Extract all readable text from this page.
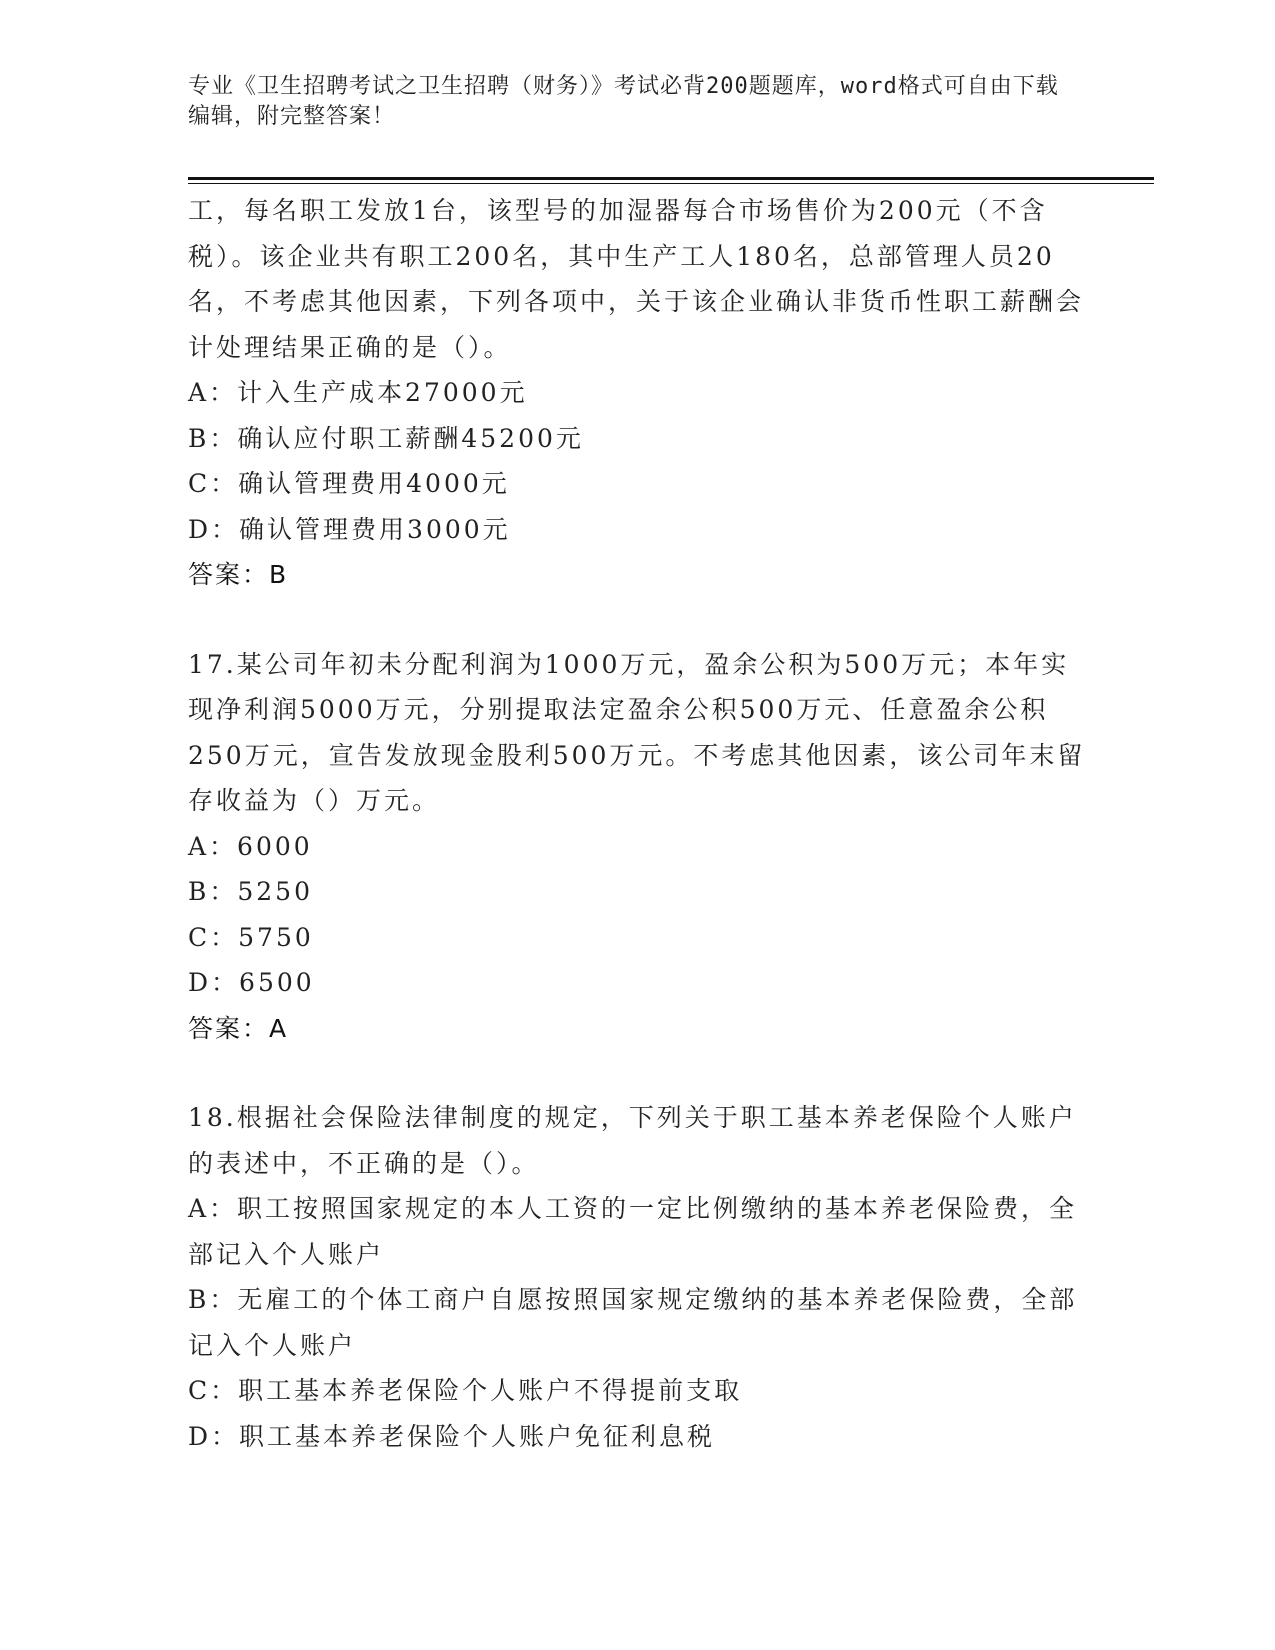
专业《卫生招聘考试之卫生招聘（财务）》考试必背200题题库，word格式可自由下载编辑，附完整答案！

工，每名职工发放1台，该型号的加湿器每合市场售价为200元（不含税）。该企业共有职工200名，其中生产工人180名，总部管理人员20名，不考虑其他因素，下列各项中，关于该企业确认非货币性职工薪酬会计处理结果正确的是（）。

A：计入生产成本27000元

B：确认应付职工薪酬45200元

C：确认管理费用4000元

D：确认管理费用3000元

答案：B

17.某公司年初未分配利润为1000万元，盈余公积为500万元；本年实现净利润5000万元，分别提取法定盈余公积500万元、任意盈余公积250万元，宣告发放现金股利500万元。不考虑其他因素，该公司年末留存收益为（）万元。

A：6000

B：5250

C：5750

D：6500

答案：A

18.根据社会保险法律制度的规定，下列关于职工基本养老保险个人账户的表述中，不正确的是（）。

A：职工按照国家规定的本人工资的一定比例缴纳的基本养老保险费，全部记入个人账户

B：无雇工的个体工商户自愿按照国家规定缴纳的基本养老保险费，全部记入个人账户

C：职工基本养老保险个人账户不得提前支取

D：职工基本养老保险个人账户免征利息税
